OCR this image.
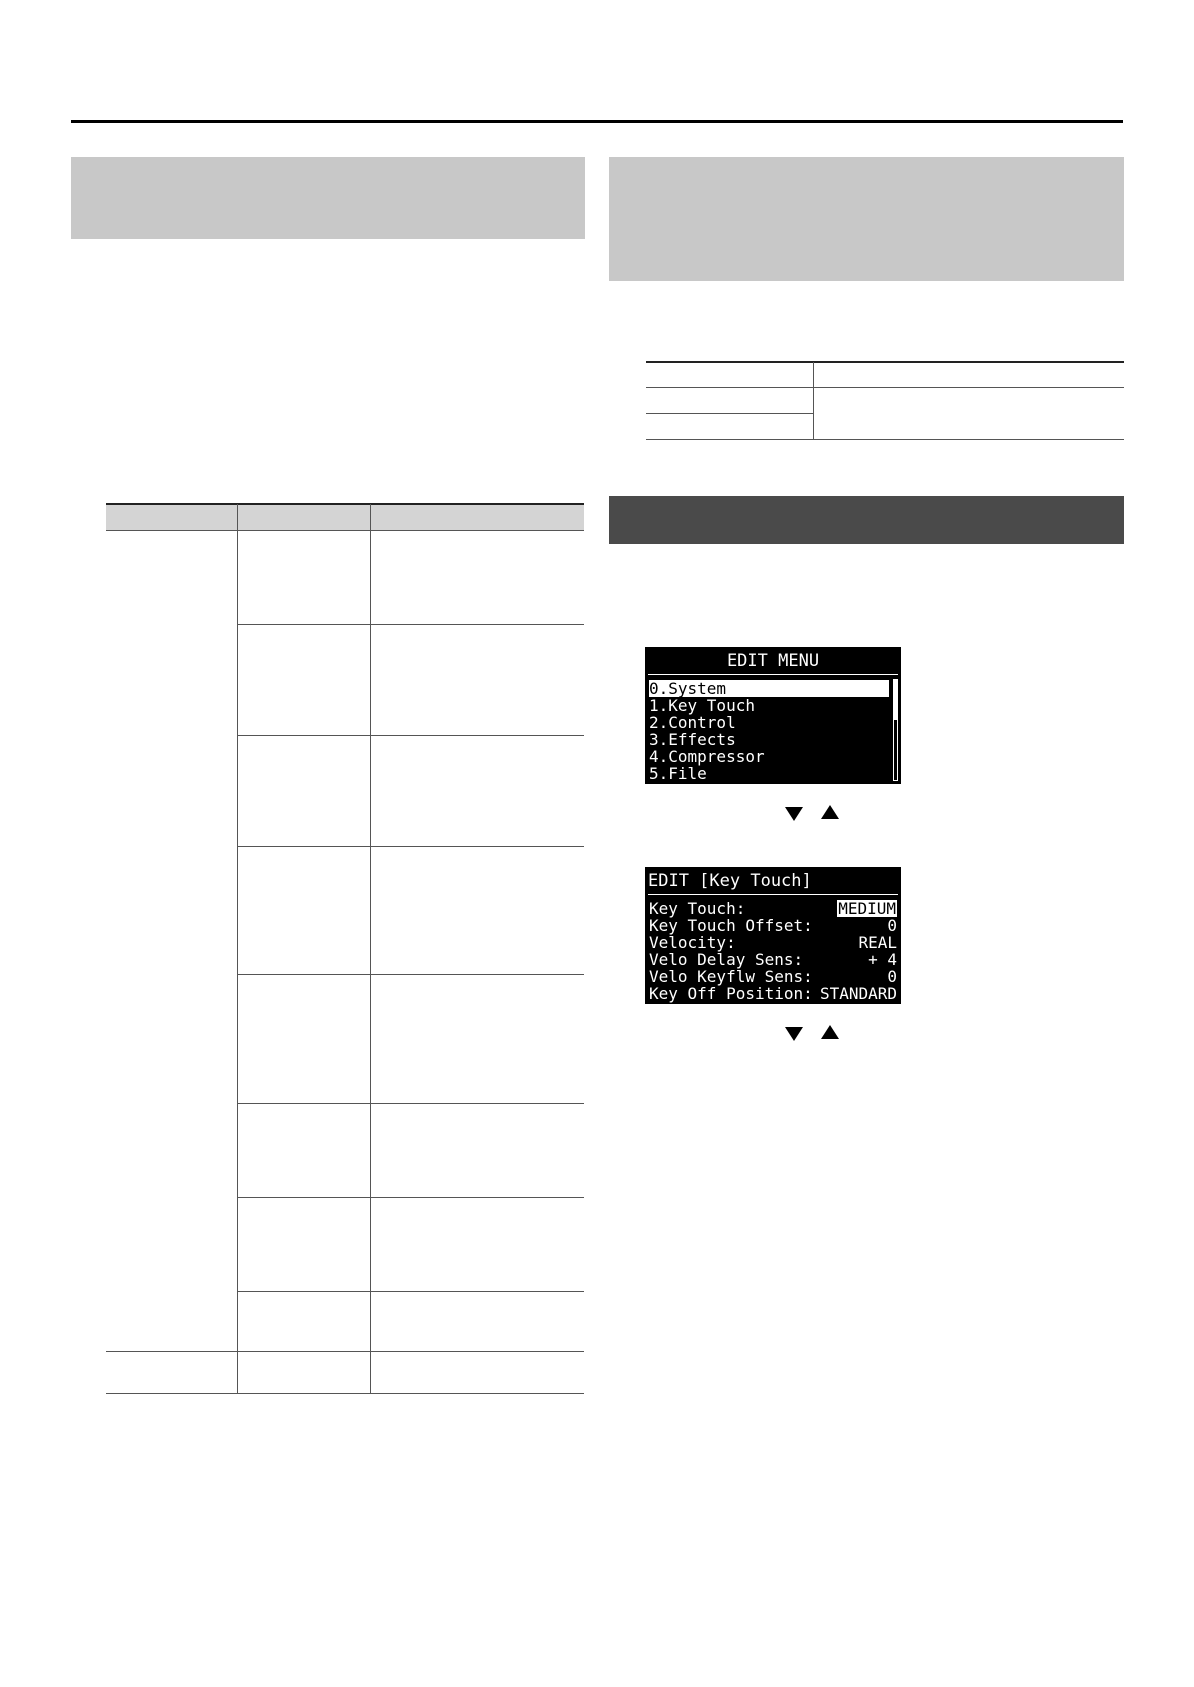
EDIT MENU
0.System
1.Key Touch
2.Control
3.Effects
4.Compressor
5.File
EDIT [Key Touch]
Key Touch:	MEDIUM
Key Touch Offset:	0
Velocity:	REAL
Velo Delay Sens:	+ 4
Velo Keyflw Sens:	0
Key Off Position: STANDARD
